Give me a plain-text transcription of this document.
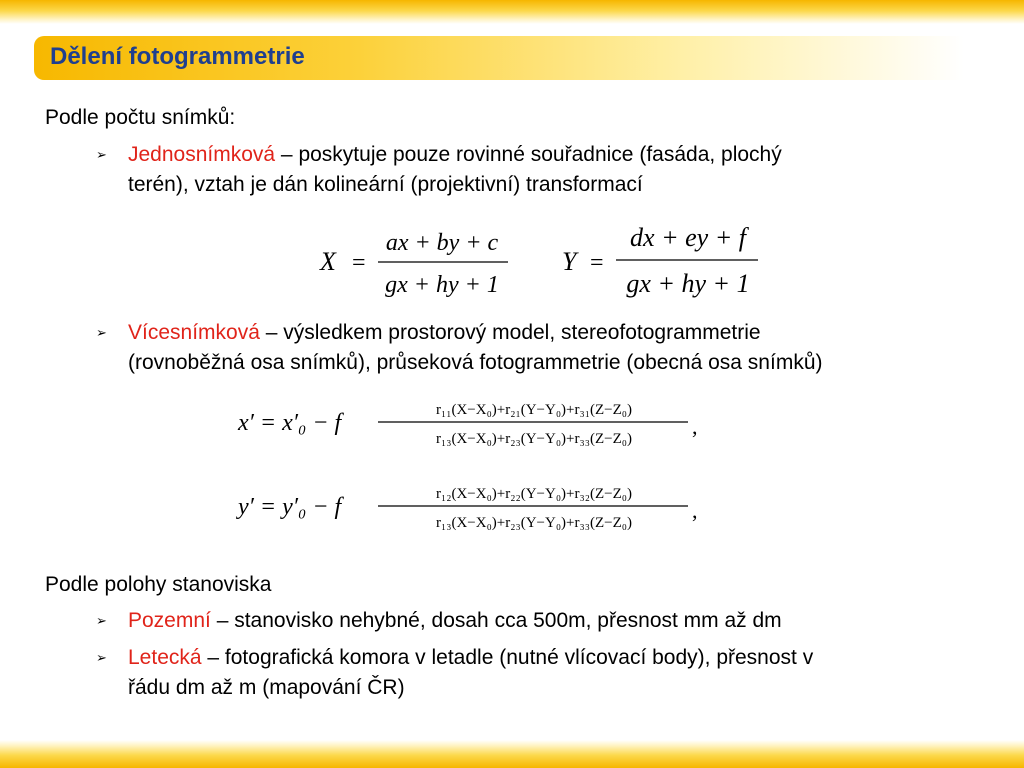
Dělení fotogrammetrie
Podle počtu snímků:
➢ Jednosnímková – poskytuje pouze rovinné souřadnice (fasáda, plochý
terén), vztah je dán kolineární (projektivní) transformací
X =
ax + by + c
gx + hy + 1
Y =
dx + ey + f
gx + hy + 1
➢ Vícesnímková – výsledkem prostorový model, stereofotogrammetrie
(rovnoběžná osa snímků), průseková fotogrammetrie (obecná osa snímků)
x′ = x′₀ − f	r₁₁(X−X₀)+r₂₁(Y−Y₀)+r₃₁(Z−Z₀)
r₁₃(X−X₀)+r₂₃(Y−Y₀)+r₃₃(Z−Z₀)	,
y′ = y′₀ − f	r₁₂(X−X₀)+r₂₂(Y−Y₀)+r₃₂(Z−Z₀)
r₁₃(X−X₀)+r₂₃(Y−Y₀)+r₃₃(Z−Z₀)	,
Podle polohy stanoviska
➢ Pozemní – stanovisko nehybné, dosah cca 500m, přesnost mm až dm
➢ Letecká – fotografická komora v letadle (nutné vlícovací body), přesnost v
řádu dm až m (mapování ČR)
